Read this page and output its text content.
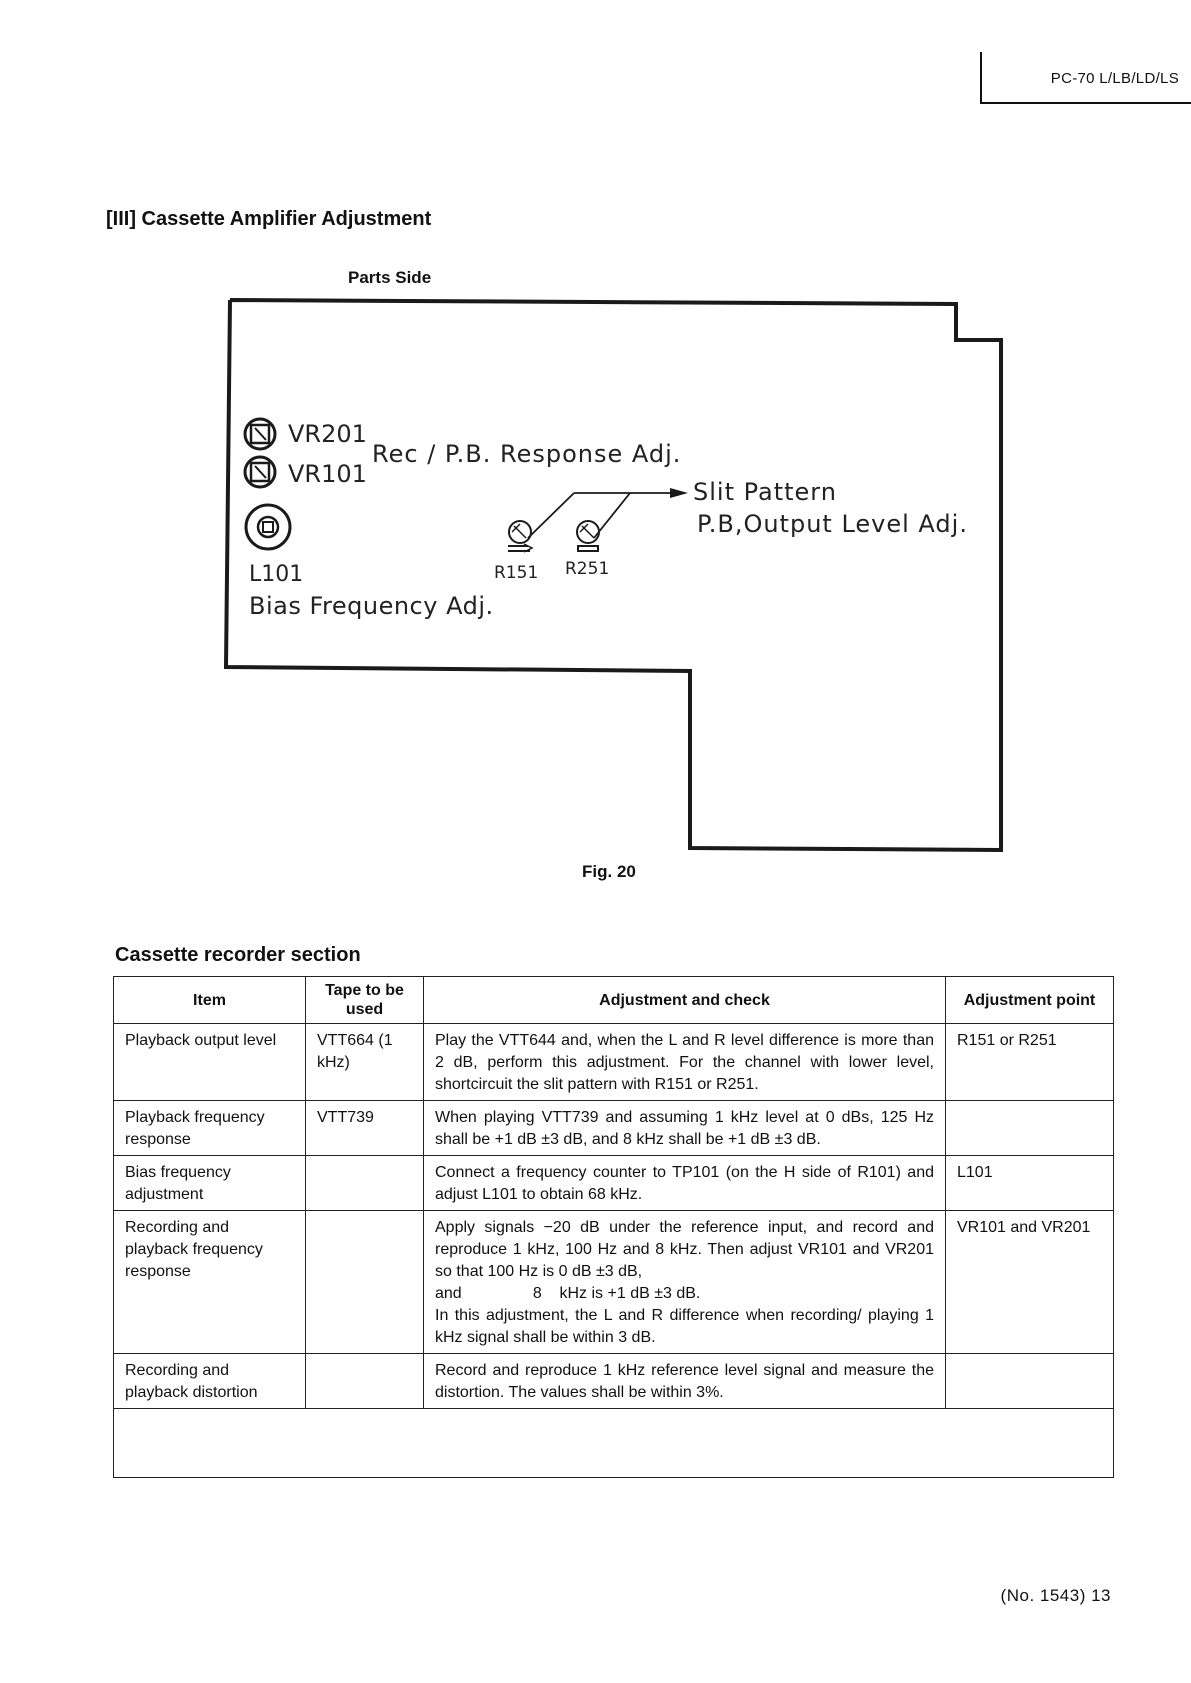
PC-70 L/LB/LD/LS
[III] Cassette Amplifier Adjustment
Parts Side
VR201
VR101
Rec / P.B. Response Adj.
Slit Pattern
P.B,Output Level Adj.
L101	R151 R251
Bias Frequency Adj.
Fig. 20
Cassette recorder section
Item	Tape to be used	Adjustment and check	Adjustment point
Playback output level	VTT664 (1 kHz)	Play the VTT644 and, when the L and R level difference is more than 2 dB, perform this adjustment. For the channel with lower level, shortcircuit the slit pattern with R151 or R251.	R151 or R251
Playback frequency response	VTT739	When playing VTT739 and assuming 1 kHz level at 0 dBs, 125 Hz shall be +1 dB ±3 dB, and 8 kHz shall be +1 dB ±3 dB.	
Bias frequency adjustment		Connect a frequency counter to TP101 (on the H side of R101) and adjust L101 to obtain 68 kHz.	L101
Recording and playback frequency response		Apply signals −20 dB under the reference input, and record and reproduce 1 kHz, 100 Hz and 8 kHz. Then adjust VR101 and VR201 so that 100 Hz is 0 dB ±3 dB,
and                8    kHz is +1 dB ±3 dB.
In this adjustment, the L and R difference when recording/ playing 1 kHz signal shall be within 3 dB.	VR101 and VR201
Recording and playback distortion		Record and reproduce 1 kHz reference level signal and measure the distortion. The values shall be within 3%.	

(No. 1543) 13
